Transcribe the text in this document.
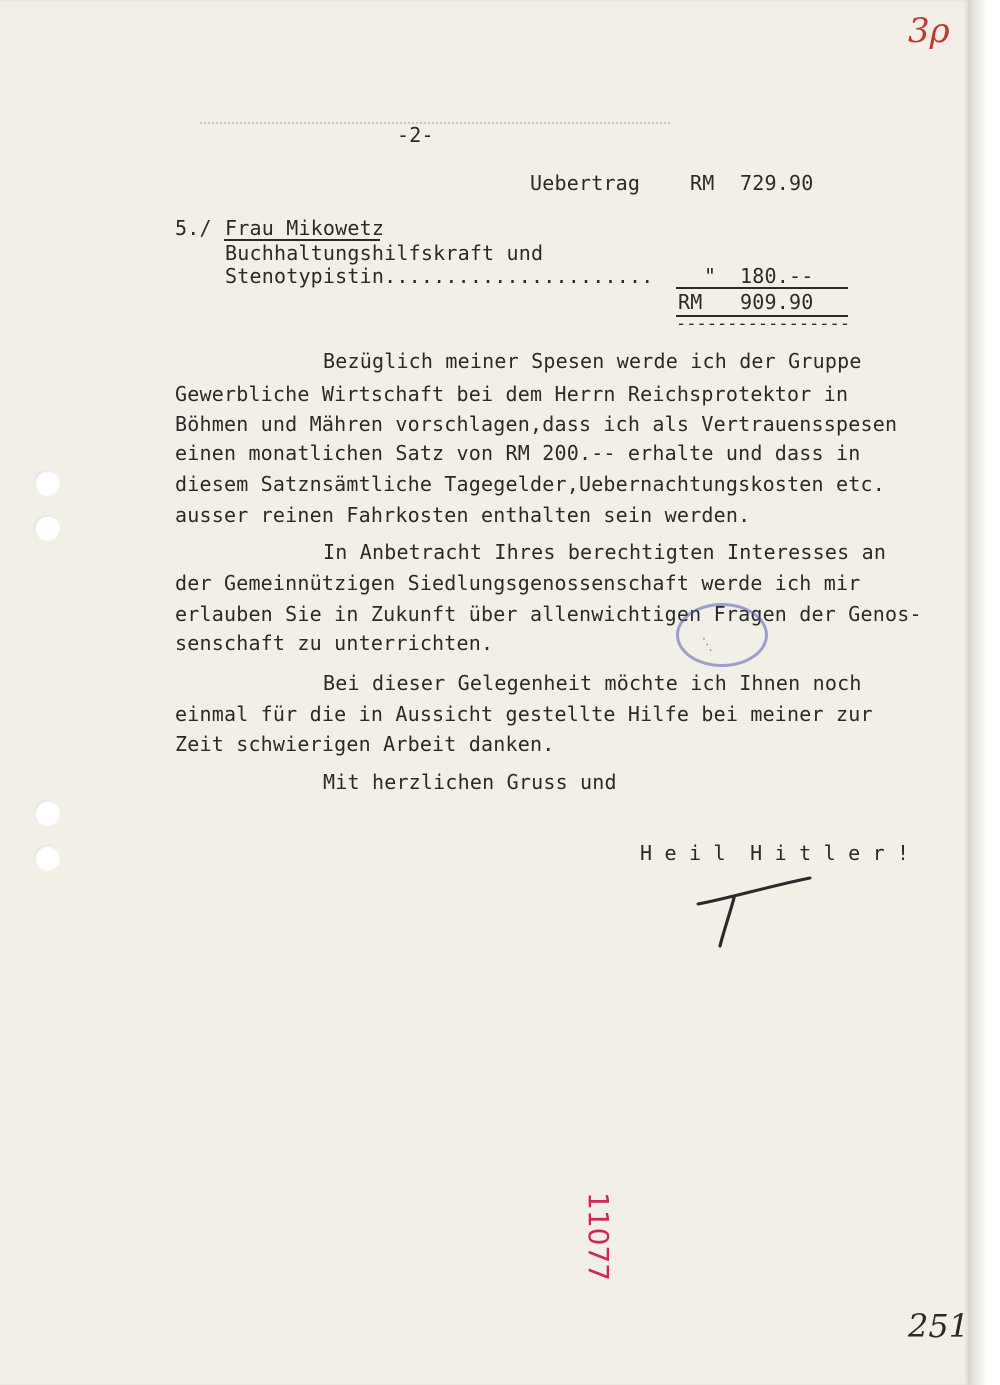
3ρ
-2-
Uebertrag RM 729.90
5./ Frau Mikowetz
Buchhaltungshilfskraft und
Stenotypistin......................	" 180.--
RM 909.90
-----------------
Bezüglich meiner Spesen werde ich der Gruppe
Gewerbliche Wirtschaft bei dem Herrn Reichsprotektor in
Böhmen und Mähren vorschlagen,dass ich als Vertrauensspesen
einen monatlichen Satz von RM 200.-- erhalte und dass in
diesem Satznsämtliche Tagegelder,Uebernachtungskosten etc.
ausser reinen Fahrkosten enthalten sein werden.
In Anbetracht Ihres berechtigten Interesses an
der Gemeinnützigen Siedlungsgenossenschaft werde ich mir
erlauben Sie in Zukunft über allenwichtigen Fragen der Genos-
senschaft zu unterrichten.	· · ·
Bei dieser Gelegenheit möchte ich Ihnen noch
einmal für die in Aussicht gestellte Hilfe bei meiner zur
Zeit schwierigen Arbeit danken.
Mit herzlichen Gruss und
H e i l  H i t l e r !
11077
251
